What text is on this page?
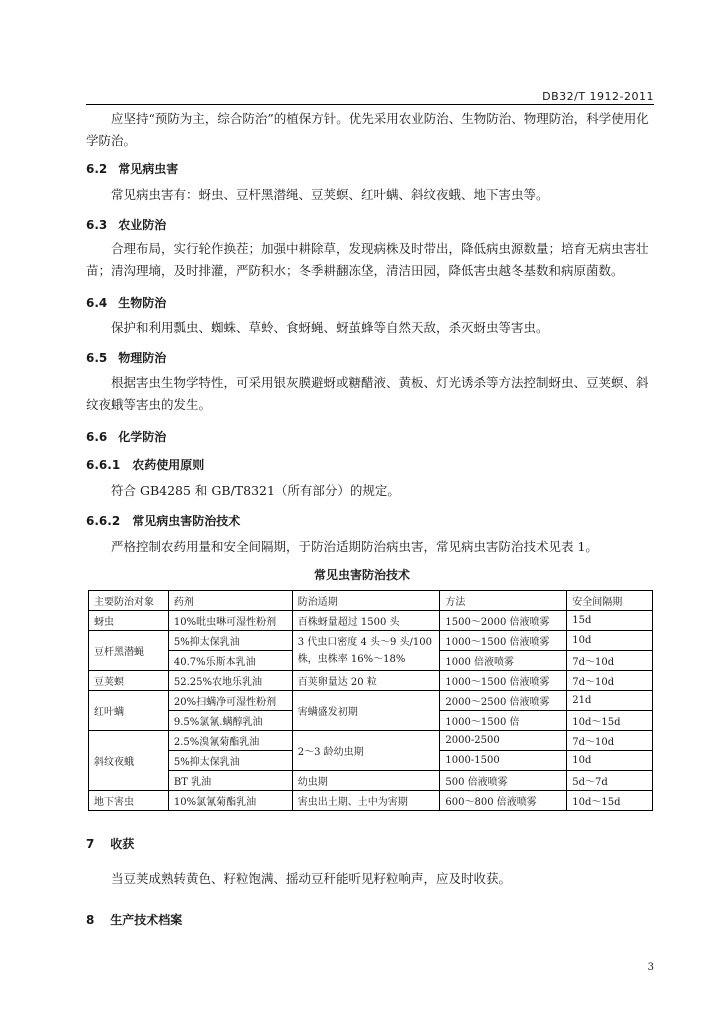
DB32/T 1912-2011
应坚持“预防为主，综合防治”的植保方针。优先采用农业防治、生物防治、物理防治，科学使用化学防治。
6.2 常见病虫害
常见病虫害有：蚜虫、豆杆黑潜绳、豆荚螟、红叶螨、斜纹夜蛾、地下害虫等。
6.3 农业防治
合理布局，实行轮作换茬；加强中耕除草，发现病株及时带出，降低病虫源数量；培育无病虫害壮苗；清沟理墒，及时排灌，严防积水；冬季耕翻冻垡，清洁田园，降低害虫越冬基数和病原菌数。
6.4 生物防治
保护和利用瓢虫、蜘蛛、草蛉、食蚜蝇、蚜茧蜂等自然天敌，杀灭蚜虫等害虫。
6.5 物理防治
根据害虫生物学特性，可采用银灰膜避蚜或糖醋液、黄板、灯光诱杀等方法控制蚜虫、豆荚螟、斜纹夜蛾等害虫的发生。
6.6 化学防治
6.6.1 农药使用原则
符合 GB4285 和 GB/T8321（所有部分）的规定。
6.6.2 常见病虫害防治技术
严格控制农药用量和安全间隔期，于防治适期防治病虫害，常见病虫害防治技术见表 1。
常见虫害防治技术
主要防治对象	药剂	防治适期	方法	安全间隔期
蚜虫	10%吡虫啉可湿性粉剂	百株蚜量超过 1500 头	1500～2000 倍液喷雾	15d
豆杆黑潜蝇	5%抑太保乳油	3 代虫口密度 4 头～9 头/100 株，虫株率 16%～18%	1000～1500 倍液喷雾	10d
	40.7%乐斯本乳油		1000 倍液喷雾	7d～10d
豆荚螟	52.25%农地乐乳油	百荚卵量达 20 粒	1000～1500 倍液喷雾	7d～10d
红叶螨	20%扫螨净可湿性粉剂	害螨盛发初期	2000～2500 倍液喷雾	21d
	9.5%氯氰.螨醇乳油		1000～1500 倍	10d～15d
斜纹夜蛾	2.5%溴氰菊酯乳油	2～3 龄幼虫期	2000-2500	7d～10d
	5%抑太保乳油		1000-1500	10d
	BT 乳油	幼虫期	500 倍液喷雾	5d～7d
地下害虫	10%氯氰菊酯乳油	害虫出土期、土中为害期	600～800 倍液喷雾	10d～15d
7 收获
当豆荚成熟转黄色、籽粒饱满、摇动豆秆能听见籽粒响声，应及时收获。
8 生产技术档案
3
